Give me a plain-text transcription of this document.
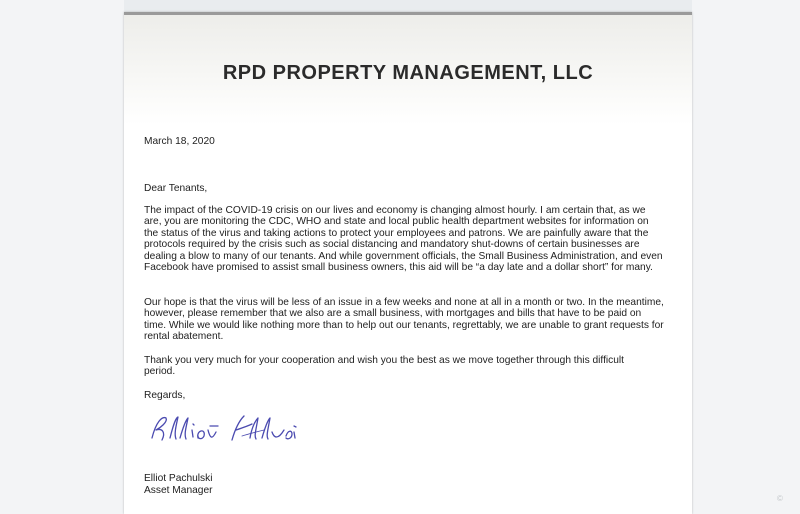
RPD PROPERTY MANAGEMENT, LLC

March 18, 2020

Dear Tenants,

The impact of the COVID-19 crisis on our lives and economy is changing almost hourly. I am certain that, as we are, you are monitoring the CDC, WHO and state and local public health department websites for information on the status of the virus and taking actions to protect your employees and patrons. We are painfully aware that the protocols required by the crisis such as social distancing and mandatory shut-downs of certain businesses are dealing a blow to many of our tenants. And while government officials, the Small Business Administration, and even Facebook have promised to assist small business owners, this aid will be “a day late and a dollar short” for many.

Our hope is that the virus will be less of an issue in a few weeks and none at all in a month or two. In the meantime, however, please remember that we also are a small business, with mortgages and bills that have to be paid on time. While we would like nothing more than to help out our tenants, regrettably, we are unable to grant requests for rental abatement.

Thank you very much for your cooperation and wish you the best as we move together through this difficult period.

Regards,

Elliot Pachulski

Asset Manager

©
